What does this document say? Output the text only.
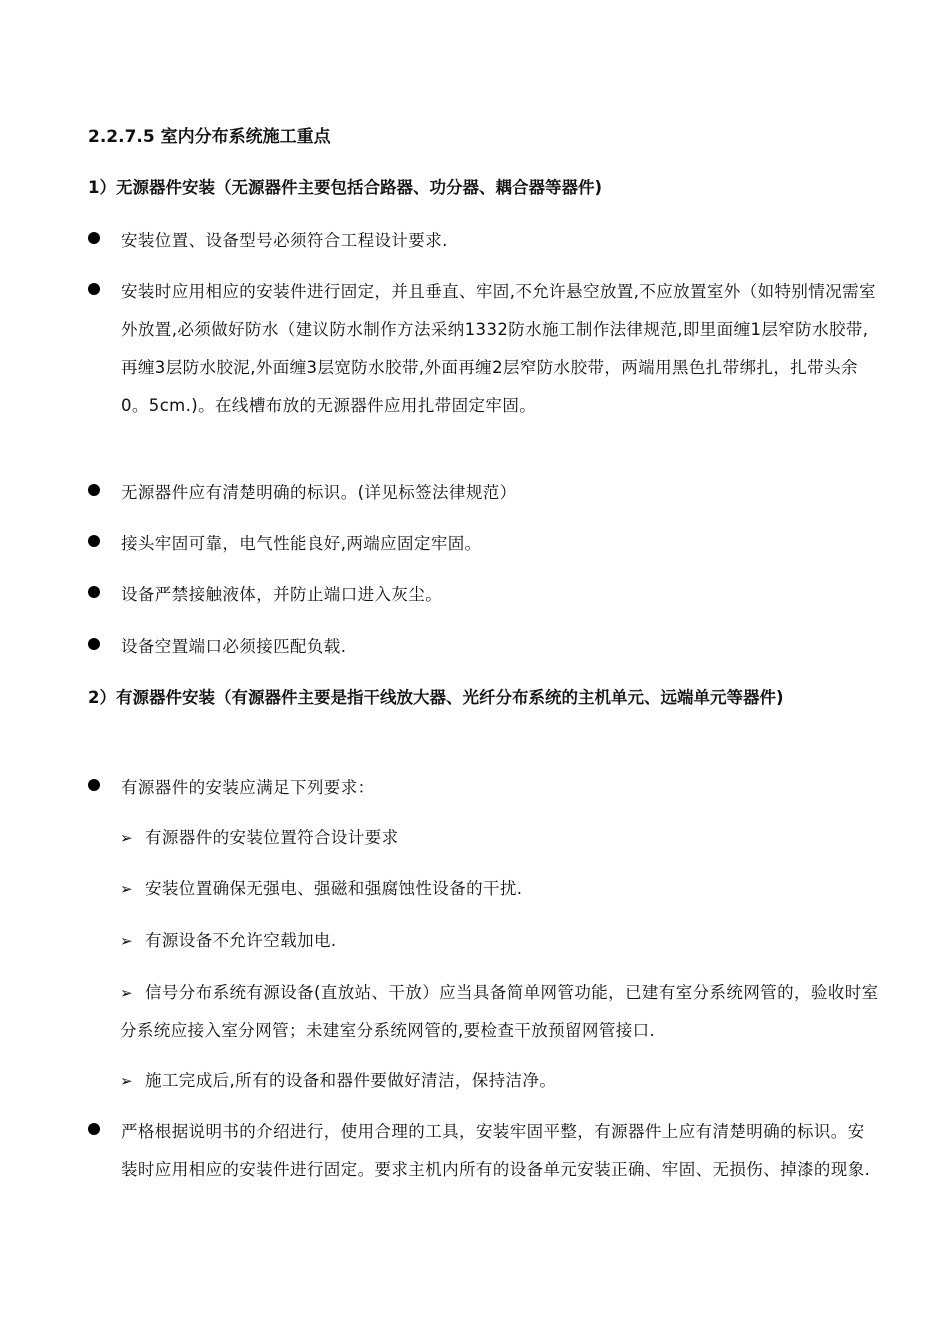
2.2.7.5 室内分布系统施工重点
1）无源器件安装（无源器件主要包括合路器、功分器、耦合器等器件)
安装位置、设备型号必须符合工程设计要求.
安装时应用相应的安装件进行固定，并且垂直、牢固,不允许悬空放置,不应放置室外（如特别情况需室外放置,必须做好防水（建议防水制作方法采纳1332防水施工制作法律规范,即里面缠1层窄防水胶带,再缠3层防水胶泥,外面缠3层宽防水胶带,外面再缠2层窄防水胶带，两端用黑色扎带绑扎，扎带头余0。5cm.)。在线槽布放的无源器件应用扎带固定牢固。
无源器件应有清楚明确的标识。(详见标签法律规范）
接头牢固可靠，电气性能良好,两端应固定牢固。
设备严禁接触液体，并防止端口进入灰尘。
设备空置端口必须接匹配负载.
2）有源器件安装（有源器件主要是指干线放大器、光纤分布系统的主机单元、远端单元等器件)
有源器件的安装应满足下列要求：
➢ 有源器件的安装位置符合设计要求
➢ 安装位置确保无强电、强磁和强腐蚀性设备的干扰.
➢ 有源设备不允许空载加电.
➢ 信号分布系统有源设备(直放站、干放）应当具备简单网管功能，已建有室分系统网管的，验收时室分系统应接入室分网管；未建室分系统网管的,要检查干放预留网管接口.
➢ 施工完成后,所有的设备和器件要做好清洁，保持洁净。
严格根据说明书的介绍进行，使用合理的工具，安装牢固平整，有源器件上应有清楚明确的标识。安装时应用相应的安装件进行固定。要求主机内所有的设备单元安装正确、牢固、无损伤、掉漆的现象.
